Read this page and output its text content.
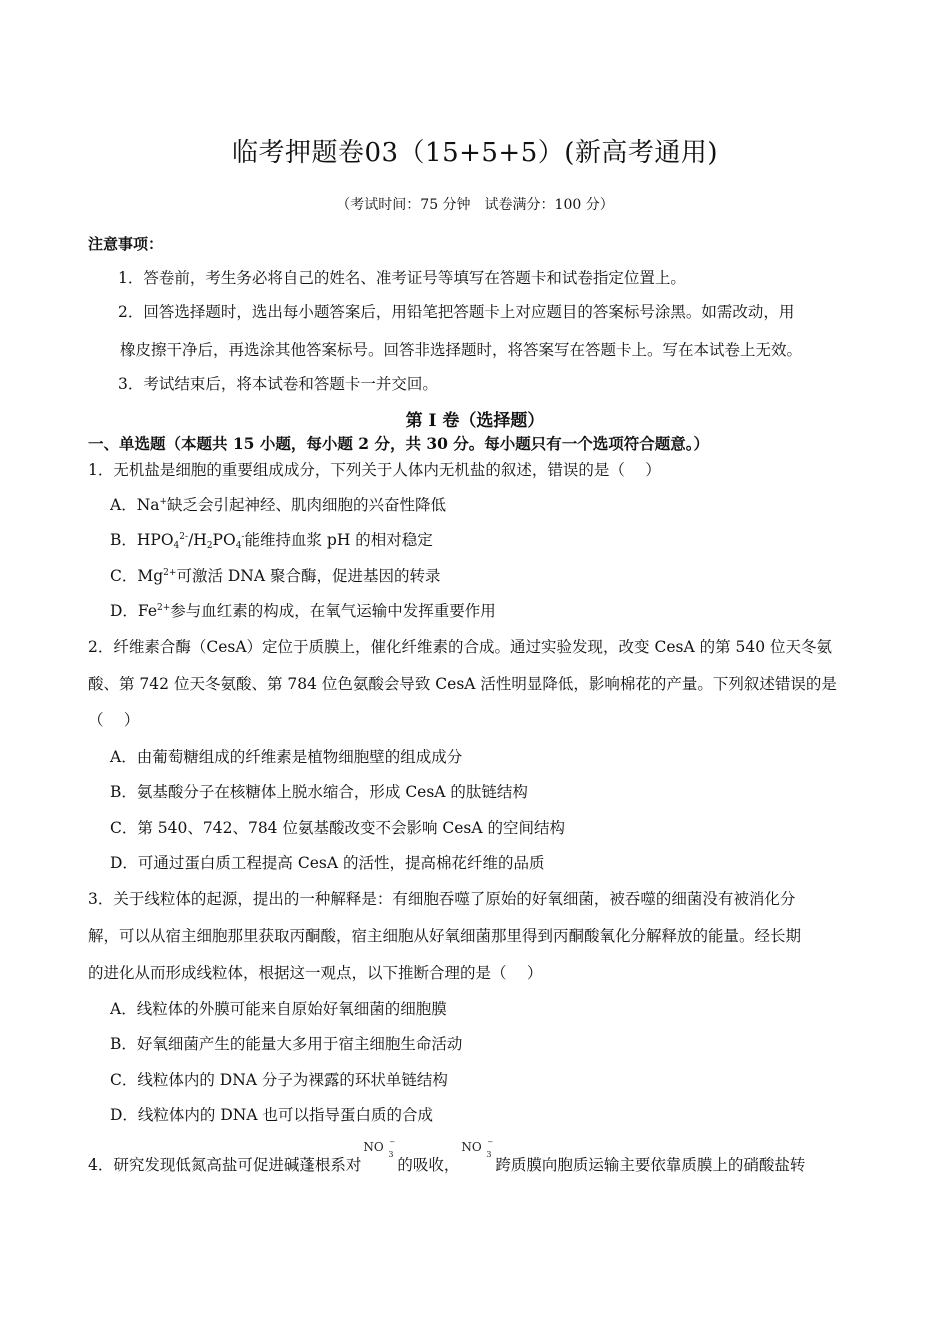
临考押题卷03（15+5+5）(新高考通用)
（考试时间：75 分钟　试卷满分：100 分）
注意事项：
1．答卷前，考生务必将自己的姓名、准考证号等填写在答题卡和试卷指定位置上。
2．回答选择题时，选出每小题答案后，用铅笔把答题卡上对应题目的答案标号涂黑。如需改动，用
橡皮擦干净后，再选涂其他答案标号。回答非选择题时，将答案写在答题卡上。写在本试卷上无效。
3．考试结束后，将本试卷和答题卡一并交回。
第 I 卷（选择题）
一、单选题（本题共 15 小题，每小题 2 分，共 30 分。每小题只有一个选项符合题意。）
1．无机盐是细胞的重要组成成分，下列关于人体内无机盐的叙述，错误的是（　 ）
A．Na+缺乏会引起神经、肌肉细胞的兴奋性降低
B．$HPO_4^{2-}/H_2PO_4^-$能维持血浆 pH 的相对稳定
C．$Mg^{2+}$可激活 DNA 聚合酶，促进基因的转录
D．$Fe^{2+}$参与血红素的构成，在氧气运输中发挥重要作用
2．纤维素合酶（CesA）定位于质膜上，催化纤维素的合成。通过实验发现，改变 CesA 的第 540 位天冬氨
酸、第 742 位天冬氨酸、第 784 位色氨酸会导致 CesA 活性明显降低，影响棉花的产量。下列叙述错误的是
（　 ）
A．由葡萄糖组成的纤维素是植物细胞壁的组成成分
B．氨基酸分子在核糖体上脱水缩合，形成 CesA 的肽链结构
C．第 540、742、784 位氨基酸改变不会影响 CesA 的空间结构
D．可通过蛋白质工程提高 CesA 的活性，提高棉花纤维的品质
3．关于线粒体的起源，提出的一种解释是：有细胞吞噬了原始的好氧细菌，被吞噬的细菌没有被消化分
解，可以从宿主细胞那里获取丙酮酸，宿主细胞从好氧细菌那里得到丙酮酸氧化分解释放的能量。经长期
的进化从而形成线粒体，根据这一观点，以下推断合理的是（　 ）
A．线粒体的外膜可能来自原始好氧细菌的细胞膜
B．好氧细菌产生的能量大多用于宿主细胞生命活动
C．线粒体内的 DNA 分子为裸露的环状单链结构
D．线粒体内的 DNA 也可以指导蛋白质的合成
4．研究发现低氮高盐可促进碱蓬根系对
NO −
3
的吸收，
NO −
3
跨质膜向胞质运输主要依靠质膜上的硝酸盐转
